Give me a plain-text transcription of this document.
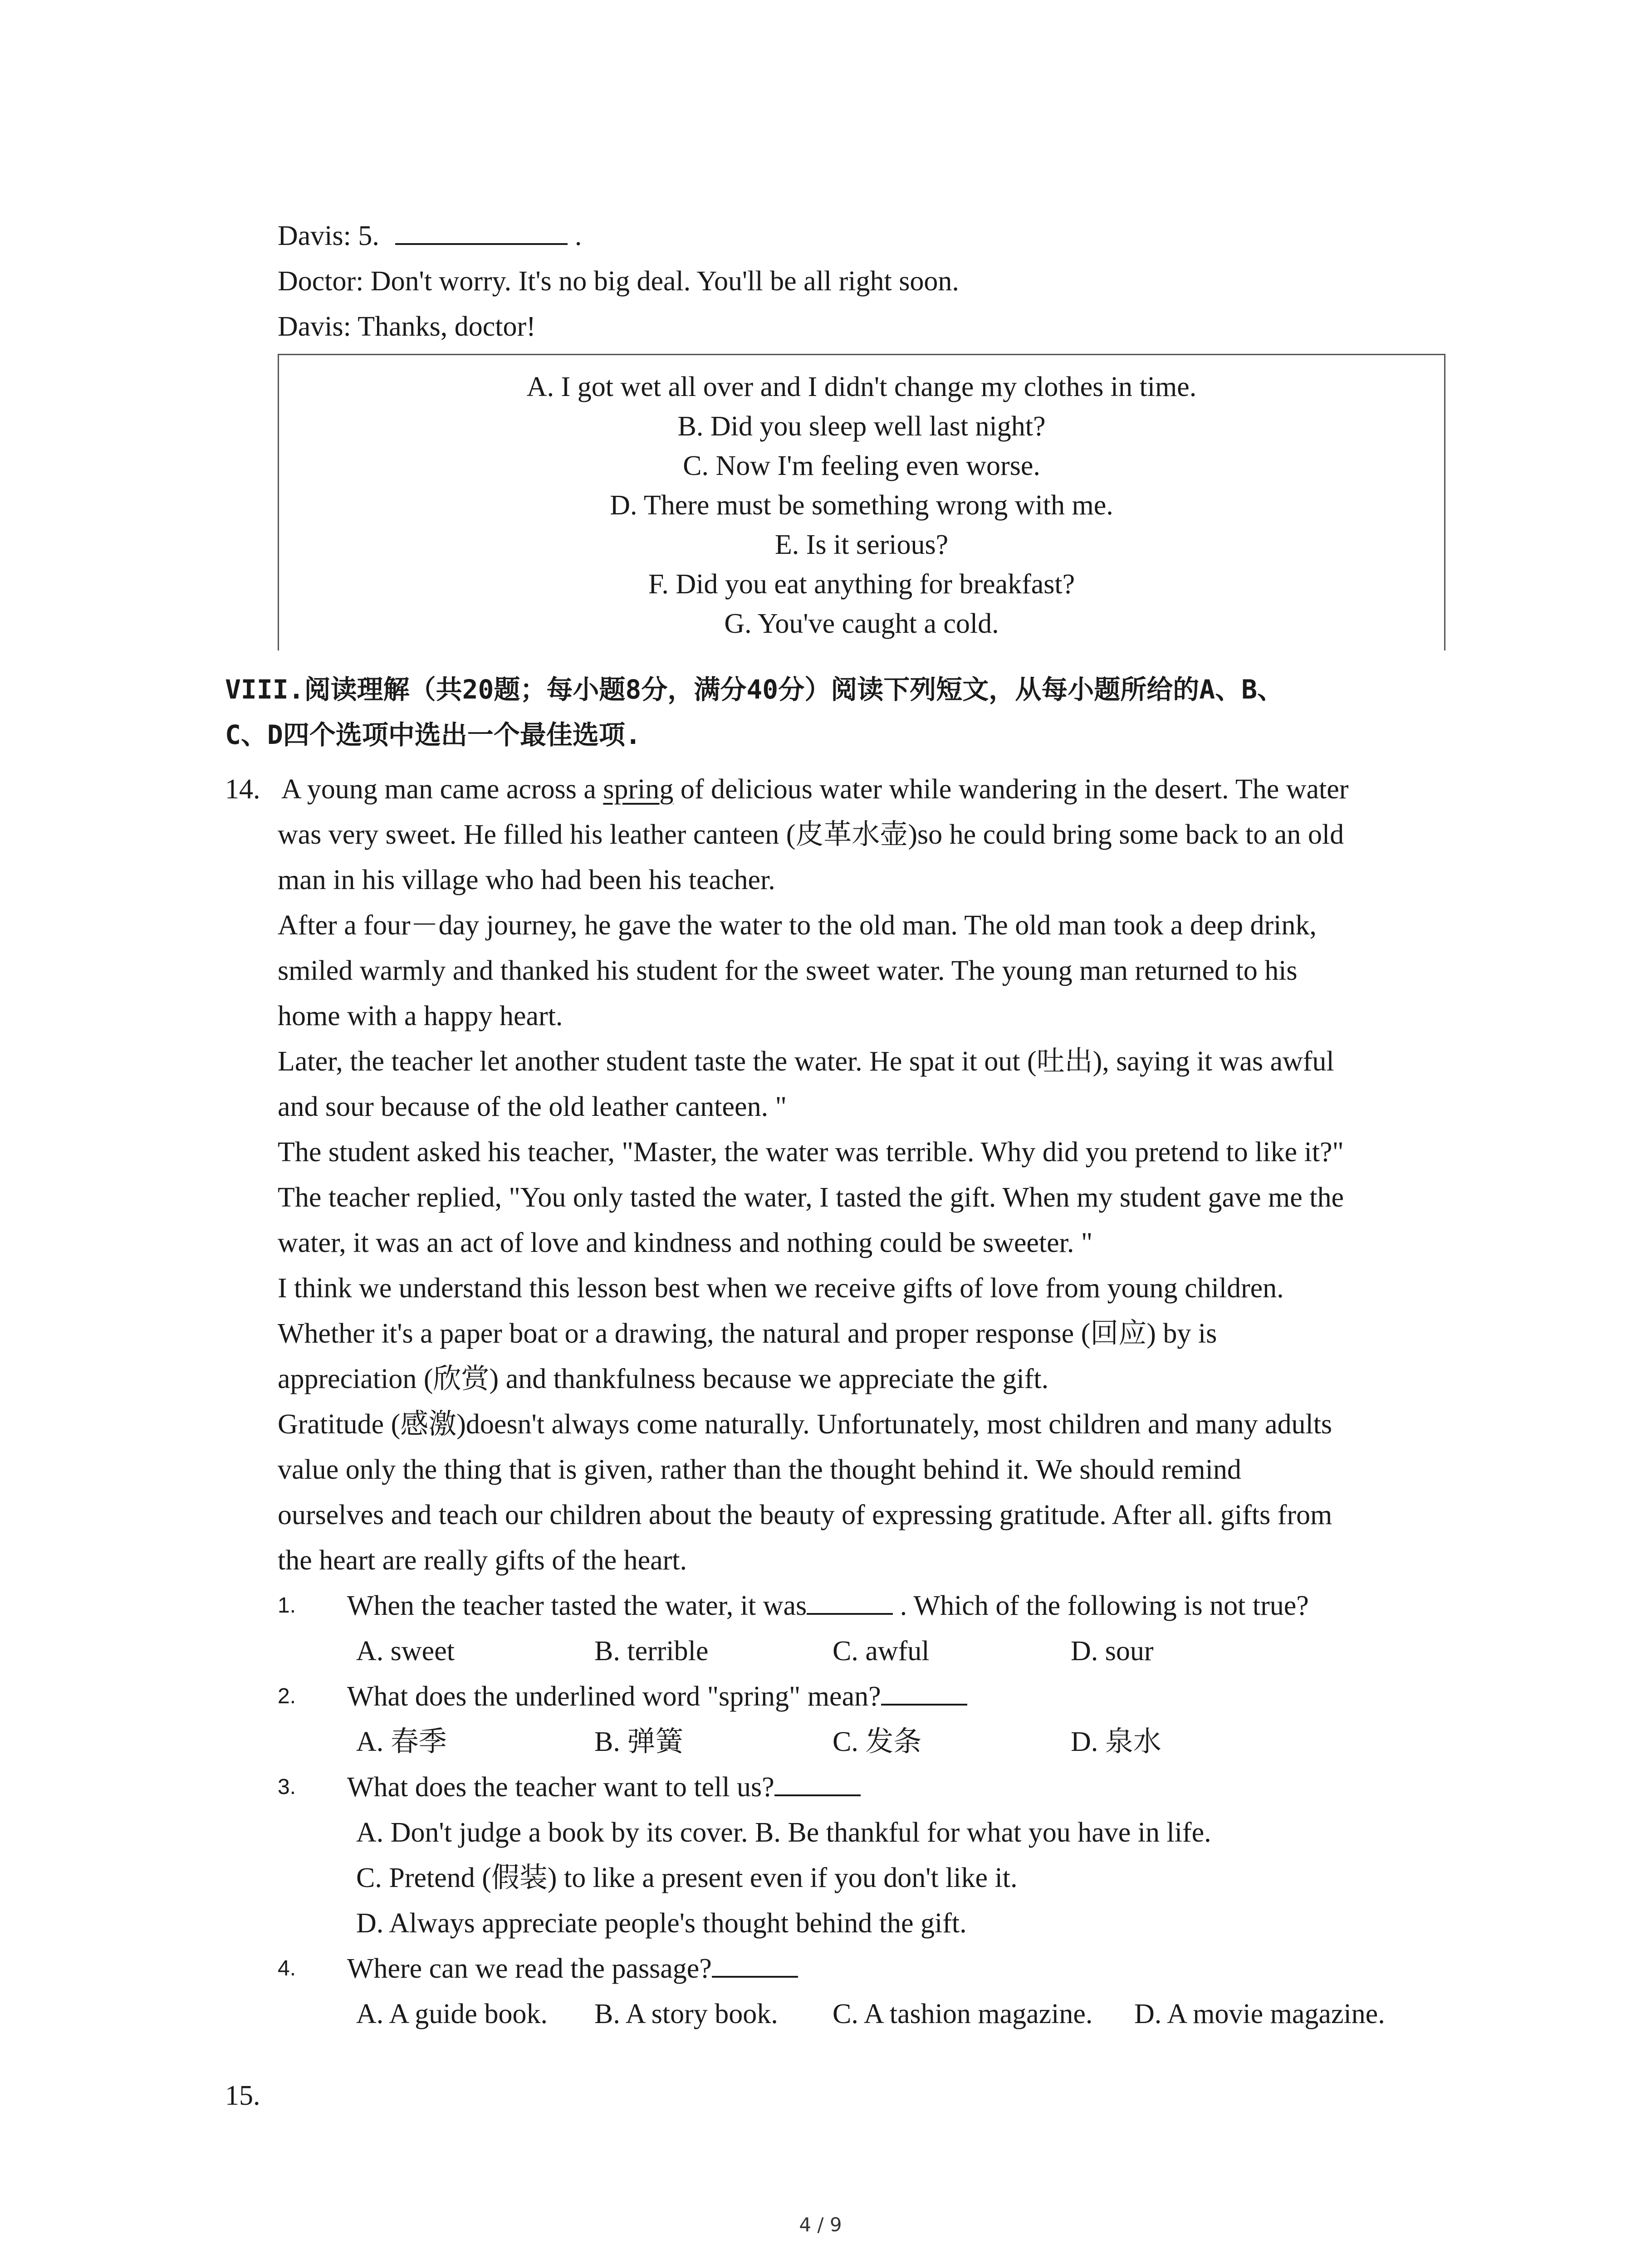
Davis: 5.	.
Doctor: Don't worry. It's no big deal. You'll be all right soon.
Davis: Thanks, doctor!
A. I got wet all over and I didn't change my clothes in time.
B. Did you sleep well last night?
C. Now I'm feeling even worse.
D. There must be something wrong with me.
E. Is it serious?
F. Did you eat anything for breakfast?
G. You've caught a cold.
VIII.阅读理解（共20题；每小题8分，满分40分）阅读下列短文，从每小题所给的A、B、
C、D四个选项中选出一个最佳选项.
14. A young man came across a spring of delicious water while wandering in the desert. The water
was very sweet. He filled his leather canteen (皮革水壶)so he could bring some back to an old
man in his village who had been his teacher.
After a four－day journey, he gave the water to the old man. The old man took a deep drink,
smiled warmly and thanked his student for the sweet water. The young man returned to his
home with a happy heart.
Later, the teacher let another student taste the water. He spat it out (吐出), saying it was awful
and sour because of the old leather canteen. "
The student asked his teacher, "Master, the water was terrible. Why did you pretend to like it?"
The teacher replied, "You only tasted the water, I tasted the gift. When my student gave me the
water, it was an act of love and kindness and nothing could be sweeter. "
I think we understand this lesson best when we receive gifts of love from young children.
Whether it's a paper boat or a drawing, the natural and proper response (回应) by is
appreciation (欣赏) and thankfulness because we appreciate the gift.
Gratitude (感激)doesn't always come naturally. Unfortunately, most children and many adults
value only the thing that is given, rather than the thought behind it. We should remind
ourselves and teach our children about the beauty of expressing gratitude. After all. gifts from
the heart are really gifts of the heart.
1. When the teacher tasted the water, it was	. Which of the following is not true?
A. sweet	B. terrible	C. awful	D. sour
2. What does the underlined word "spring" mean?
A. 春季	B. 弹簧	C. 发条	D. 泉水
3. What does the teacher want to tell us?
A. Don't judge a book by its cover. B. Be thankful for what you have in life.
C. Pretend (假装) to like a present even if you don't like it.
D. Always appreciate people's thought behind the gift.
4. Where can we read the passage?
A. A guide book. B. A story book. C. A tashion magazine. D. A movie magazine.
15.
4 / 9
